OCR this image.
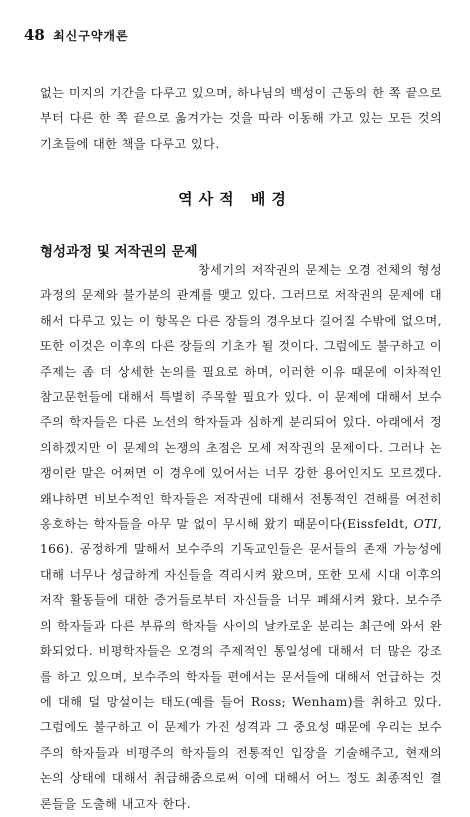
48 최신구약개론

없는 미지의 기간을 다루고 있으며, 하나님의 백성이 근동의 한 쪽 끝으로부터 다른 한 쪽 끝으로 옮겨가는 것을 따라 이동해 가고 있는 모든 것의 기초들에 대한 책을 다루고 있다.

역사적 배경
형성과정 및 저작권의 문제

창세기의 저작권의 문제는 오경 전체의 형성과정의 문제와 불가분의 관계를 맺고 있다. 그러므로 저작권의 문제에 대해서 다루고 있는 이 항목은 다른 장들의 경우보다 길어질 수밖에 없으며, 또한 이것은 이후의 다른 장들의 기초가 될 것이다. 그럼에도 불구하고 이 주제는 좀 더 상세한 논의를 필요로 하며, 이러한 이유 때문에 이차적인 참고문헌들에 대해서 특별히 주목할 필요가 있다. 이 문제에 대해서 보수주의 학자들은 다른 노선의 학자들과 심하게 분리되어 있다. 아래에서 정의하겠지만 이 문제의 논쟁의 초점은 모세 저작권의 문제이다. 그러나 논쟁이란 말은 어쩌면 이 경우에 있어서는 너무 강한 용어인지도 모르겠다. 왜냐하면 비보수적인 학자들은 저작권에 대해서 전통적인 견해를 여전히 옹호하는 학자들을 아무 말 없이 무시해 왔기 때문이다(Eissfeldt, OTI, 166). 공정하게 말해서 보수주의 기독교인들은 문서들의 존재 가능성에 대해 너무나 성급하게 자신들을 격리시켜 왔으며, 또한 모세 시대 이후의 저작 활동들에 대한 증거들로부터 자신들을 너무 폐쇄시켜 왔다. 보수주의 학자들과 다른 부류의 학자들 사이의 날카로운 분리는 최근에 와서 완화되었다. 비평학자들은 오경의 주제적인 통일성에 대해서 더 많은 강조를 하고 있으며, 보수주의 학자들 편에서는 문서들에 대해서 언급하는 것에 대해 덜 망설이는 태도(예를 들어 Ross; Wenham)를 취하고 있다. 그럼에도 불구하고 이 문제가 가진 성격과 그 중요성 때문에 우리는 보수주의 학자들과 비평주의 학자들의 전통적인 입장을 기술해주고, 현재의 논의 상태에 대해서 취급해줌으로써 이에 대해서 어느 정도 최종적인 결론들을 도출해 내고자 한다.
